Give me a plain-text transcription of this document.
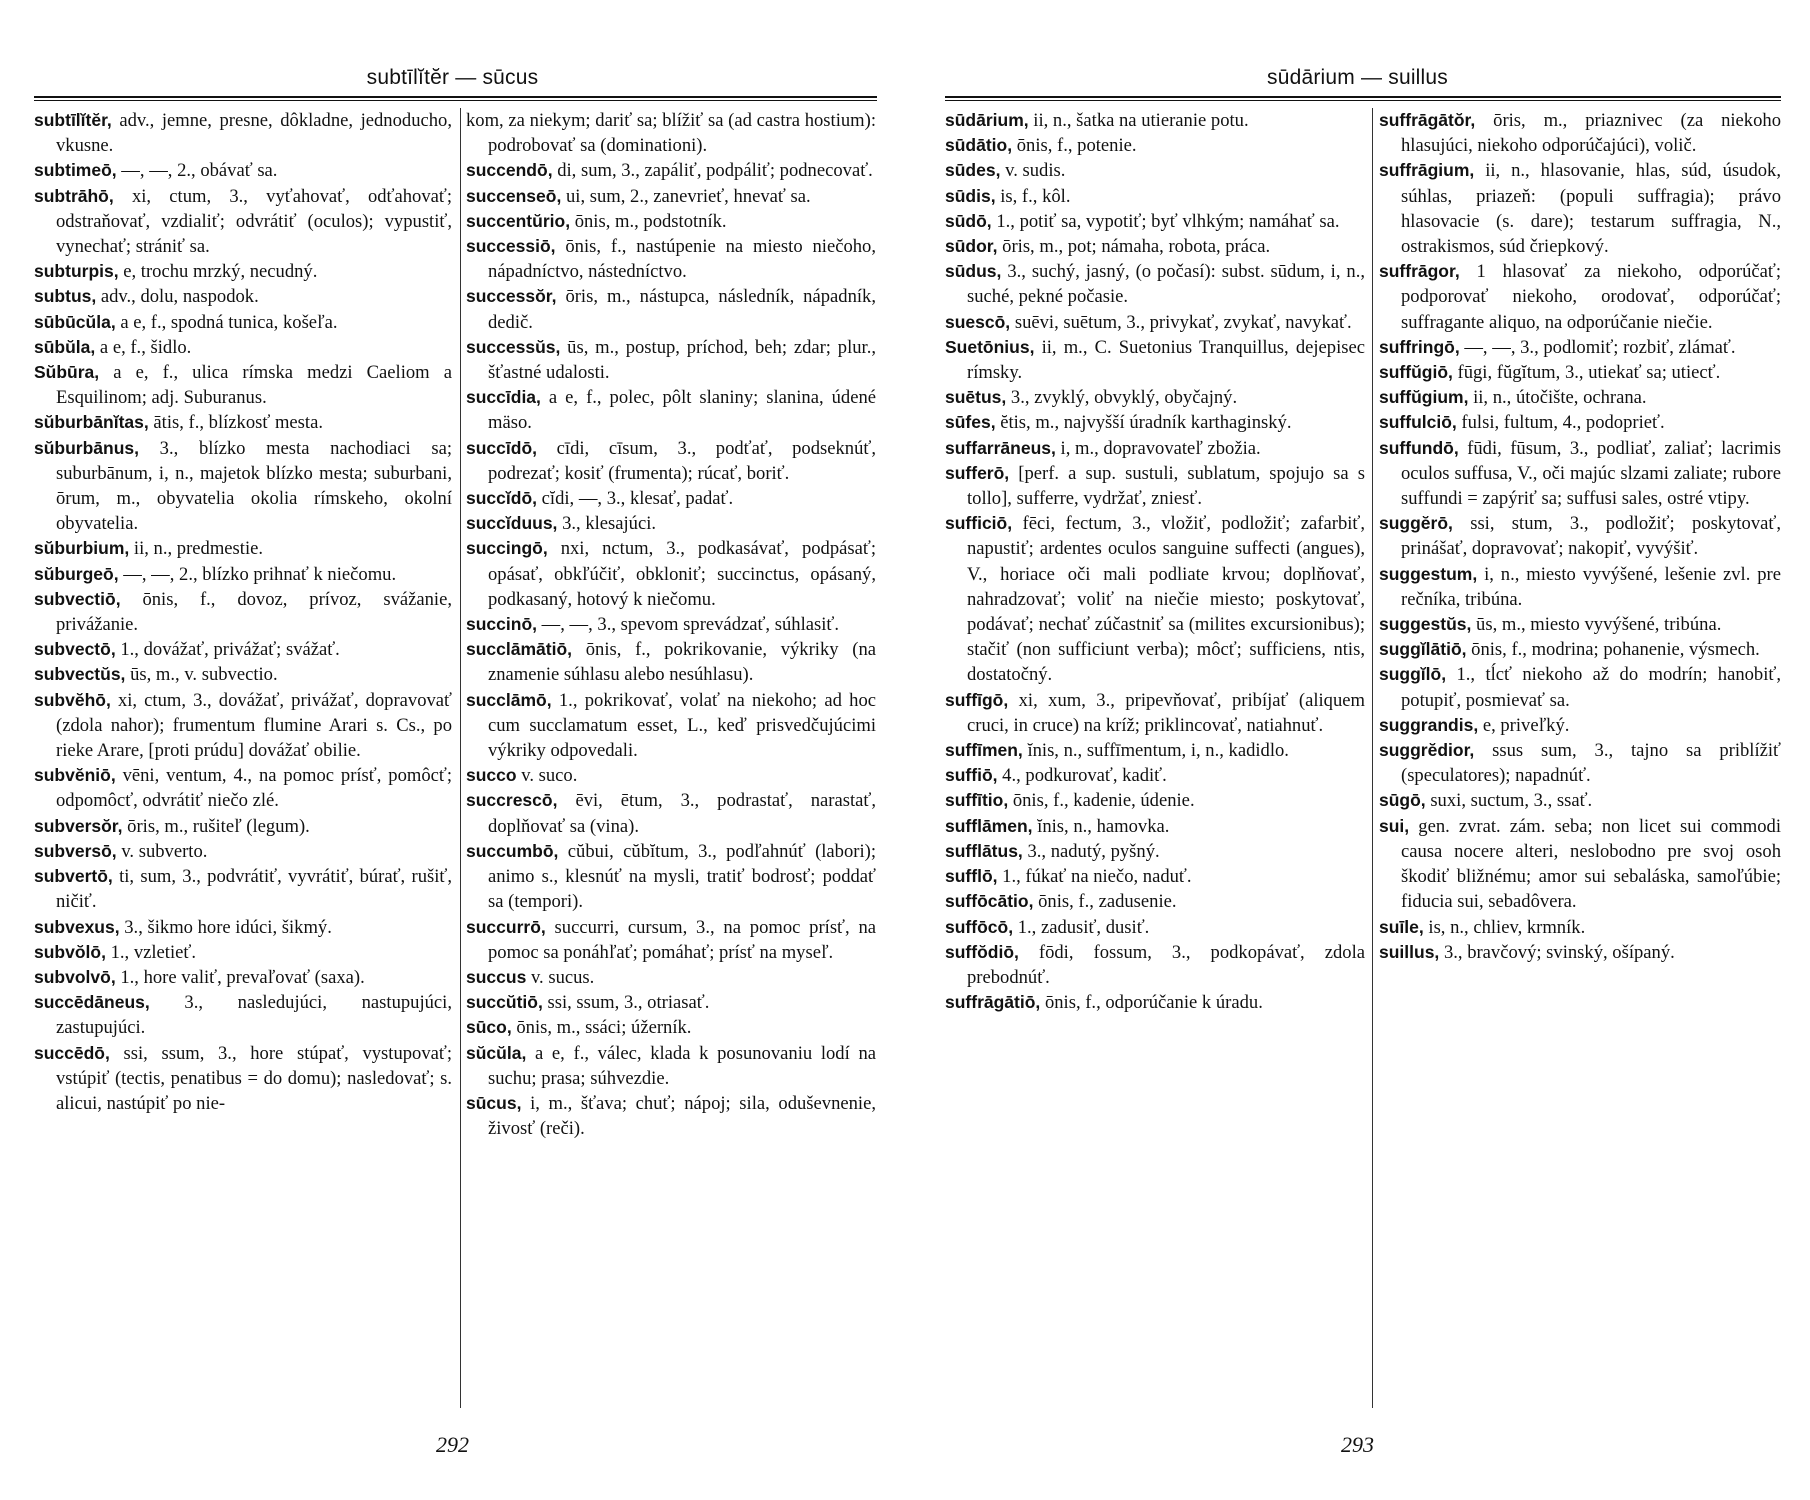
subtīlĭtĕr — sūcus

subtīlĭtĕr, adv., jemne, presne, dôkladne, jednoducho, vkusne.

subtimeō, —, —, 2., obávať sa.

subtrāhō, xi, ctum, 3., vyťahovať, odťahovať; odstraňovať, vzdialiť; odvrátiť (oculos); vypustiť, vynechať; strániť sa.

subturpis, e, trochu mrzký, necudný.

subtus, adv., dolu, naspodok.

sūbūcŭla, a e, f., spodná tunica, košeľa.

sūbŭla, a e, f., šidlo.

Sŭbūra, a e, f., ulica rímska medzi Caeliom a Esquilinom; adj. Suburanus.

sŭburbānĭtas, ātis, f., blízkosť mesta.

sŭburbānus, 3., blízko mesta nachodiaci sa; suburbānum, i, n., majetok blízko mesta; suburbani, ōrum, m., obyvatelia okolia rímskeho, okolní obyvatelia.

sŭburbium, ii, n., predmestie.

sŭburgeō, —, —, 2., blízko prihnať k niečomu.

subvectiō, ōnis, f., dovoz, prívoz, svážanie, privážanie.

subvectō, 1., dovážať, privážať; svážať.

subvectŭs, ūs, m., v. subvectio.

subvĕhō, xi, ctum, 3., dovážať, privážať, dopravovať (zdola nahor); frumentum flumine Arari s. Cs., po rieke Arare, [proti prúdu] dovážať obilie.

subvĕniō, vēni, ventum, 4., na pomoc prísť, pomôcť; odpomôcť, odvrátiť niečo zlé.

subversŏr, ōris, m., rušiteľ (legum).

subversō, v. subverto.

subvertō, ti, sum, 3., podvrátiť, vyvrátiť, búrať, rušiť, ničiť.

subvexus, 3., šikmo hore idúci, šikmý.

subvŏlō, 1., vzletieť.

subvolvō, 1., hore valiť, prevaľovať (saxa).

succēdāneus, 3., nasledujúci, nastupujúci, zastupujúci.

succēdō, ssi, ssum, 3., hore stúpať, vystupovať; vstúpiť (tectis, penatibus = do domu); nasledovať; s. alicui, nastúpiť po nie-

kom, za niekym; dariť sa; blížiť sa (ad castra hostium): podrobovať sa (dominationi).

succendō, di, sum, 3., zapáliť, podpáliť; podnecovať.

succenseō, ui, sum, 2., zanevrieť, hnevať sa.

succentŭrio, ōnis, m., podstotník.

successiō, ōnis, f., nastúpenie na miesto niečoho, nápadníctvo, nástedníctvo.

successŏr, ōris, m., nástupca, následník, nápadník, dedič.

successŭs, ūs, m., postup, príchod, beh; zdar; plur., šťastné udalosti.

succīdia, a e, f., polec, pôlt slaniny; slanina, údené mäso.

succīdō, cīdi, cīsum, 3., podťať, podseknúť, podrezať; kosiť (frumenta); rúcať, boriť.

succĭdō, cĭdi, —, 3., klesať, padať.

succĭduus, 3., klesajúci.

succingō, nxi, nctum, 3., podkasávať, podpásať; opásať, obkľúčiť, obkloniť; succinctus, opásaný, podkasaný, hotový k niečomu.

succinō, —, —, 3., spevom sprevádzať, súhlasiť.

succlāmātiō, ōnis, f., pokrikovanie, výkriky (na znamenie súhlasu alebo nesúhlasu).

succlāmō, 1., pokrikovať, volať na niekoho; ad hoc cum succlamatum esset, L., keď prisvedčujúcimi výkriky odpovedali.

succo v. suco.

succrescō, ēvi, ētum, 3., podrastať, narastať, doplňovať sa (vina).

succumbō, cŭbui, cŭbĭtum, 3., podľahnúť (labori); animo s., klesnúť na mysli, tratiť bodrosť; poddať sa (tempori).

succurrō, succurri, cursum, 3., na pomoc prísť, na pomoc sa ponáhľať; pomáhať; prísť na myseľ.

succus v. sucus.

succŭtiō, ssi, ssum, 3., otriasať.

sūco, ōnis, m., ssáci; úžerník.

sŭcŭla, a e, f., válec, klada k posunovaniu lodí na suchu; prasa; súhvezdie.

sūcus, i, m., šťava; chuť; nápoj; sila, oduševnenie, živosť (reči).

292
sūdārium — suillus

sūdārium, ii, n., šatka na utieranie potu.

sūdātio, ōnis, f., potenie.

sūdes, v. sudis.

sūdis, is, f., kôl.

sūdō, 1., potiť sa, vypotiť; byť vlhkým; namáhať sa.

sūdor, ōris, m., pot; námaha, robota, práca.

sūdus, 3., suchý, jasný, (o počasí): subst. sūdum, i, n., suché, pekné počasie.

suescō, suēvi, suētum, 3., privykať, zvykať, navykať.

Suetōnius, ii, m., C. Suetonius Tranquillus, dejepisec rímsky.

suētus, 3., zvyklý, obvyklý, obyčajný.

sūfes, ĕtis, m., najvyšší úradník karthaginský.

suffarrāneus, i, m., dopravovateľ zbožia.

sufferō, [perf. a sup. sustuli, sublatum, spojujo sa s tollo], sufferre, vydržať, zniesť.

sufficiō, fēci, fectum, 3., vložiť, podložiť; zafarbiť, napustiť; ardentes oculos sanguine suffecti (angues), V., horiace oči mali podliate krvou; doplňovať, nahradzovať; voliť na niečie miesto; poskytovať, podávať; nechať zúčastniť sa (milites excursionibus); stačiť (non sufficiunt verba); môcť; sufficiens, ntis, dostatočný.

suffīgō, xi, xum, 3., pripevňovať, pribíjať (aliquem cruci, in cruce) na kríž; priklincovať, natiahnuť.

suffīmen, ĭnis, n., suffīmentum, i, n., kadidlo.

suffiō, 4., podkurovať, kadiť.

suffītio, ōnis, f., kadenie, údenie.

sufflāmen, ĭnis, n., hamovka.

sufflātus, 3., nadutý, pyšný.

sufflō, 1., fúkať na niečo, naduť.

suffōcātio, ōnis, f., zadusenie.

suffōcō, 1., zadusiť, dusiť.

suffŏdiō, fōdi, fossum, 3., podkopávať, zdola prebodnúť.

suffrāgātiō, ōnis, f., odporúčanie k úradu.

suffrāgātŏr, ōris, m., priaznivec (za niekoho hlasujúci, niekoho odporúčajúci), volič.

suffrāgium, ii, n., hlasovanie, hlas, súd, úsudok, súhlas, priazeň: (populi suffragia); právo hlasovacie (s. dare); testarum suffragia, N., ostrakismos, súd čriepkový.

suffrāgor, 1 hlasovať za niekoho, odporúčať; podporovať niekoho, orodovať, odporúčať; suffragante aliquo, na odporúčanie niečie.

suffringō, —, —, 3., podlomiť; rozbiť, zlámať.

suffŭgiō, fūgi, fŭgĭtum, 3., utiekať sa; utiecť.

suffŭgium, ii, n., útočište, ochrana.

suffulciō, fulsi, fultum, 4., podoprieť.

suffundō, fūdi, fūsum, 3., podliať, zaliať; lacrimis oculos suffusa, V., oči majúc slzami zaliate; rubore suffundi = zapýriť sa; suffusi sales, ostré vtipy.

suggĕrō, ssi, stum, 3., podložiť; poskytovať, prinášať, dopravovať; nakopiť, vyvýšiť.

suggestum, i, n., miesto vyvýšené, lešenie zvl. pre rečníka, tribúna.

suggestŭs, ūs, m., miesto vyvýšené, tribúna.

suggĭlātiō, ōnis, f., modrina; pohanenie, výsmech.

suggĭlō, 1., tĺcť niekoho až do modrín; hanobiť, potupiť, posmievať sa.

suggrandis, e, priveľký.

suggrĕdior, ssus sum, 3., tajno sa priblížiť (speculatores); napadnúť.

sūgō, suxi, suctum, 3., ssať.

sui, gen. zvrat. zám. seba; non licet sui commodi causa nocere alteri, neslobodno pre svoj osoh škodiť bližnému; amor sui sebaláska, samoľúbie; fiducia sui, sebadôvera.

suīle, is, n., chliev, krmník.

suillus, 3., bravčový; svinský, ošípaný.

293
